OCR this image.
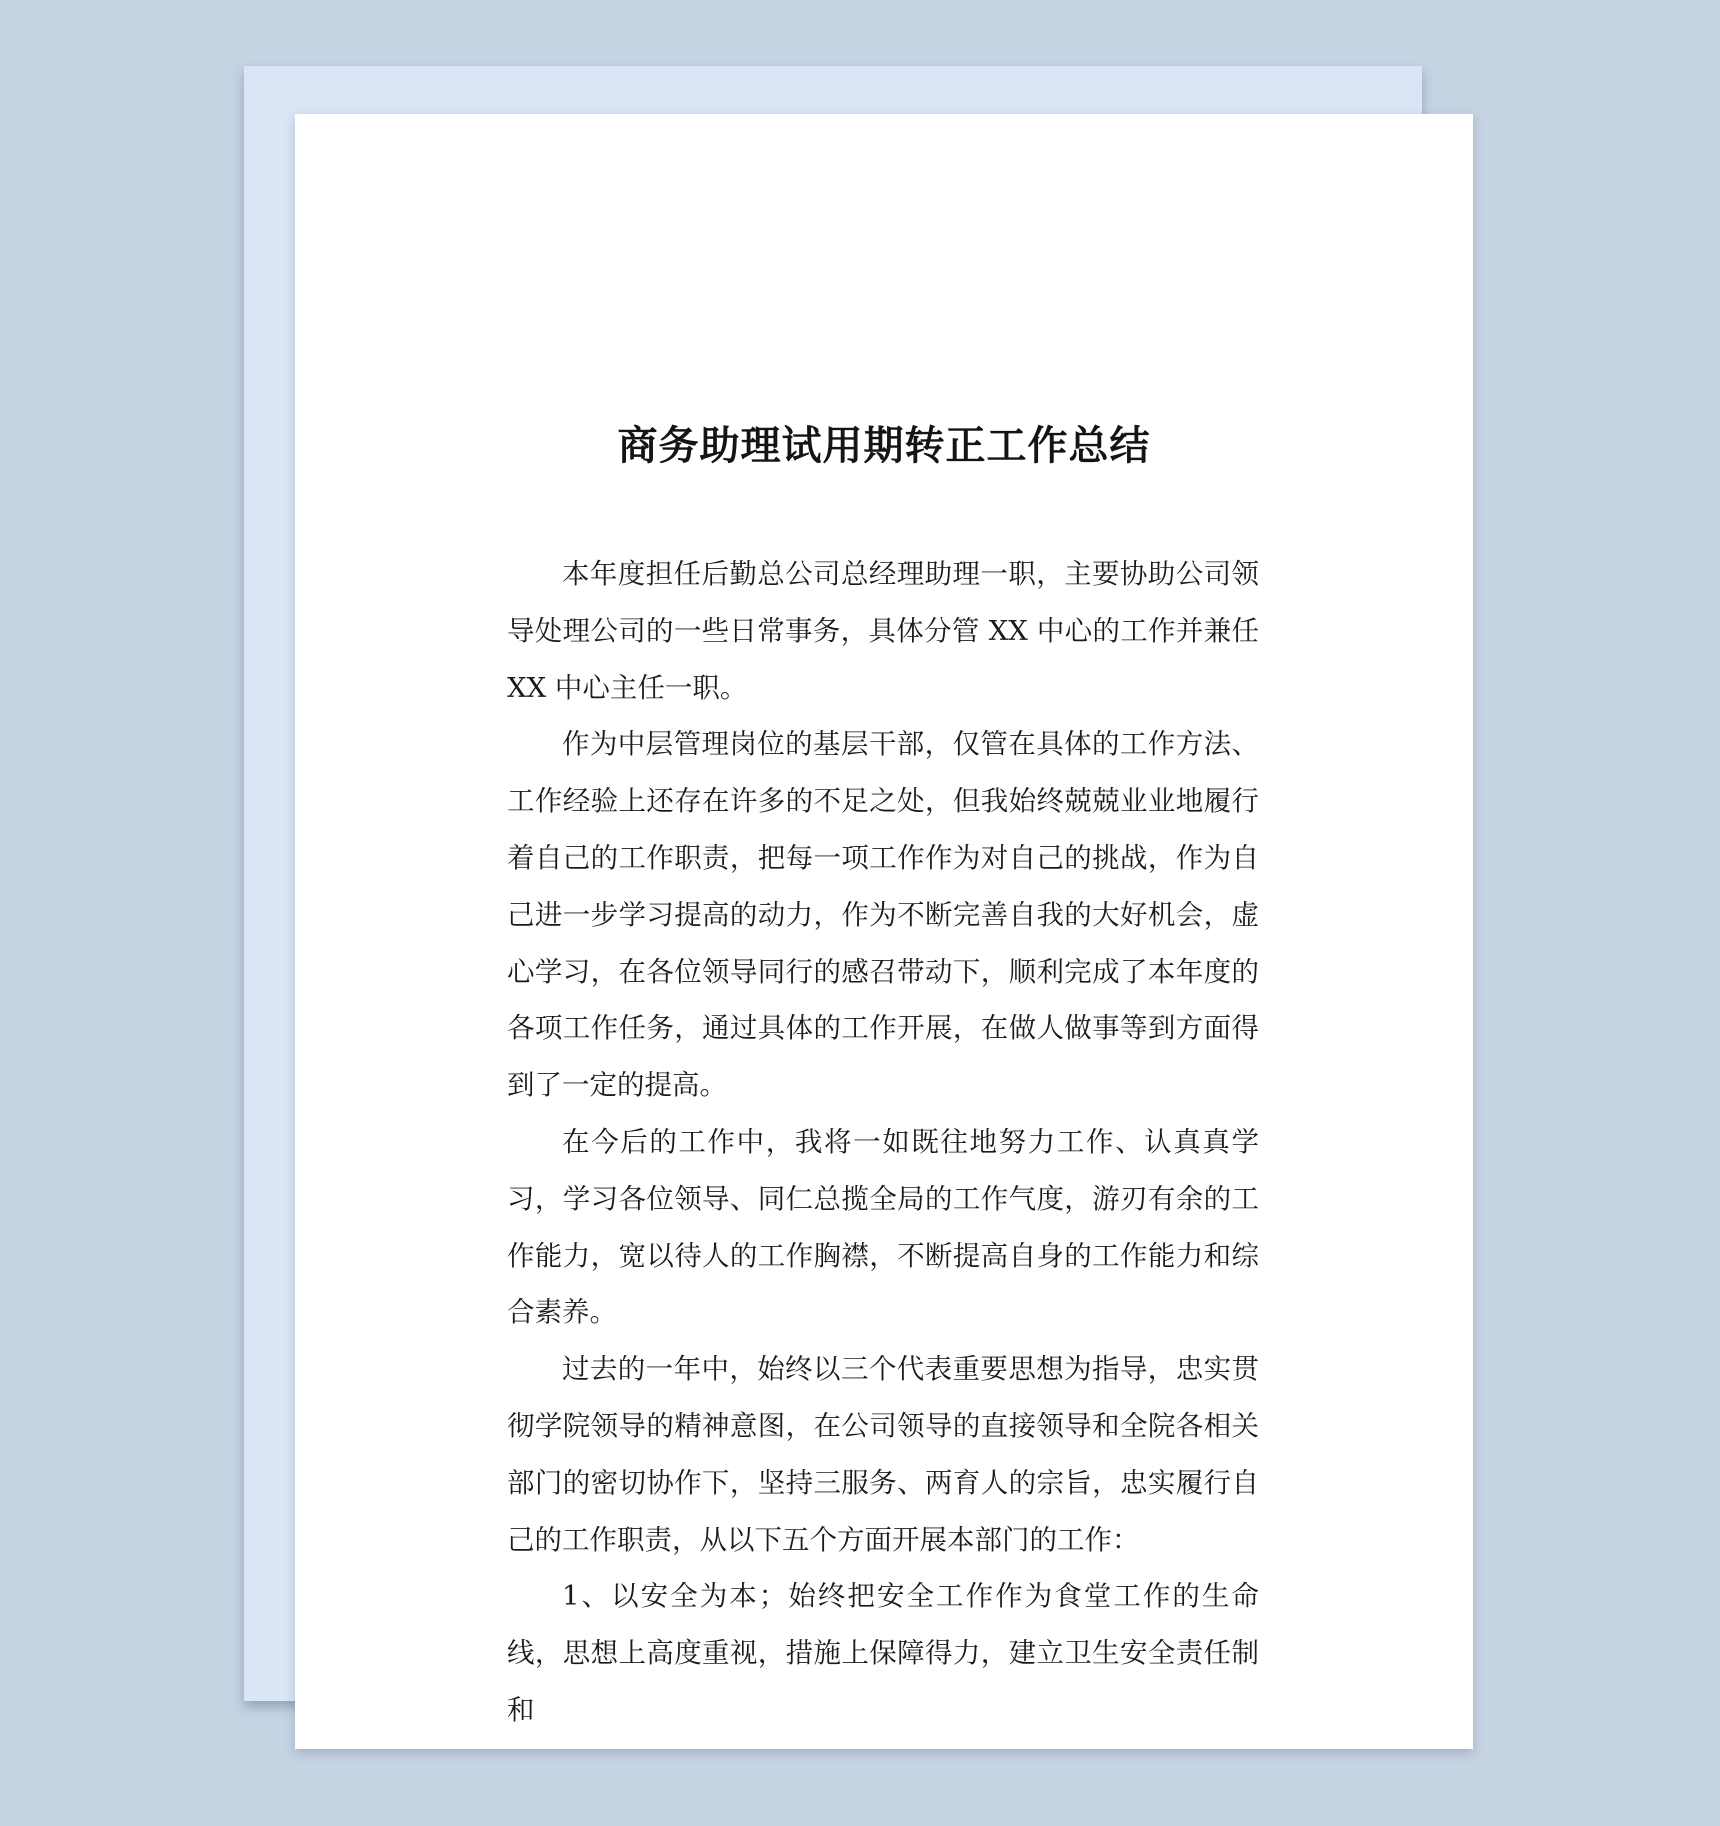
商务助理试用期转正工作总结

本年度担任后勤总公司总经理助理一职，主要协助公司领导处理公司的一些日常事务，具体分管 XX 中心的工作并兼任 XX 中心主任一职。

作为中层管理岗位的基层干部，仅管在具体的工作方法、工作经验上还存在许多的不足之处，但我始终兢兢业业地履行着自己的工作职责，把每一项工作作为对自己的挑战，作为自己进一步学习提高的动力，作为不断完善自我的大好机会，虚心学习，在各位领导同行的感召带动下，顺利完成了本年度的各项工作任务，通过具体的工作开展，在做人做事等到方面得到了一定的提高。

在今后的工作中，我将一如既往地努力工作、认真真学习，学习各位领导、同仁总揽全局的工作气度，游刃有余的工作能力，宽以待人的工作胸襟，不断提高自身的工作能力和综合素养。

过去的一年中，始终以三个代表重要思想为指导，忠实贯彻学院领导的精神意图，在公司领导的直接领导和全院各相关部门的密切协作下，坚持三服务、两育人的宗旨，忠实履行自己的工作职责，从以下五个方面开展本部门的工作：

1、以安全为本；始终把安全工作作为食堂工作的生命线，思想上高度重视，措施上保障得力，建立卫生安全责任制和
